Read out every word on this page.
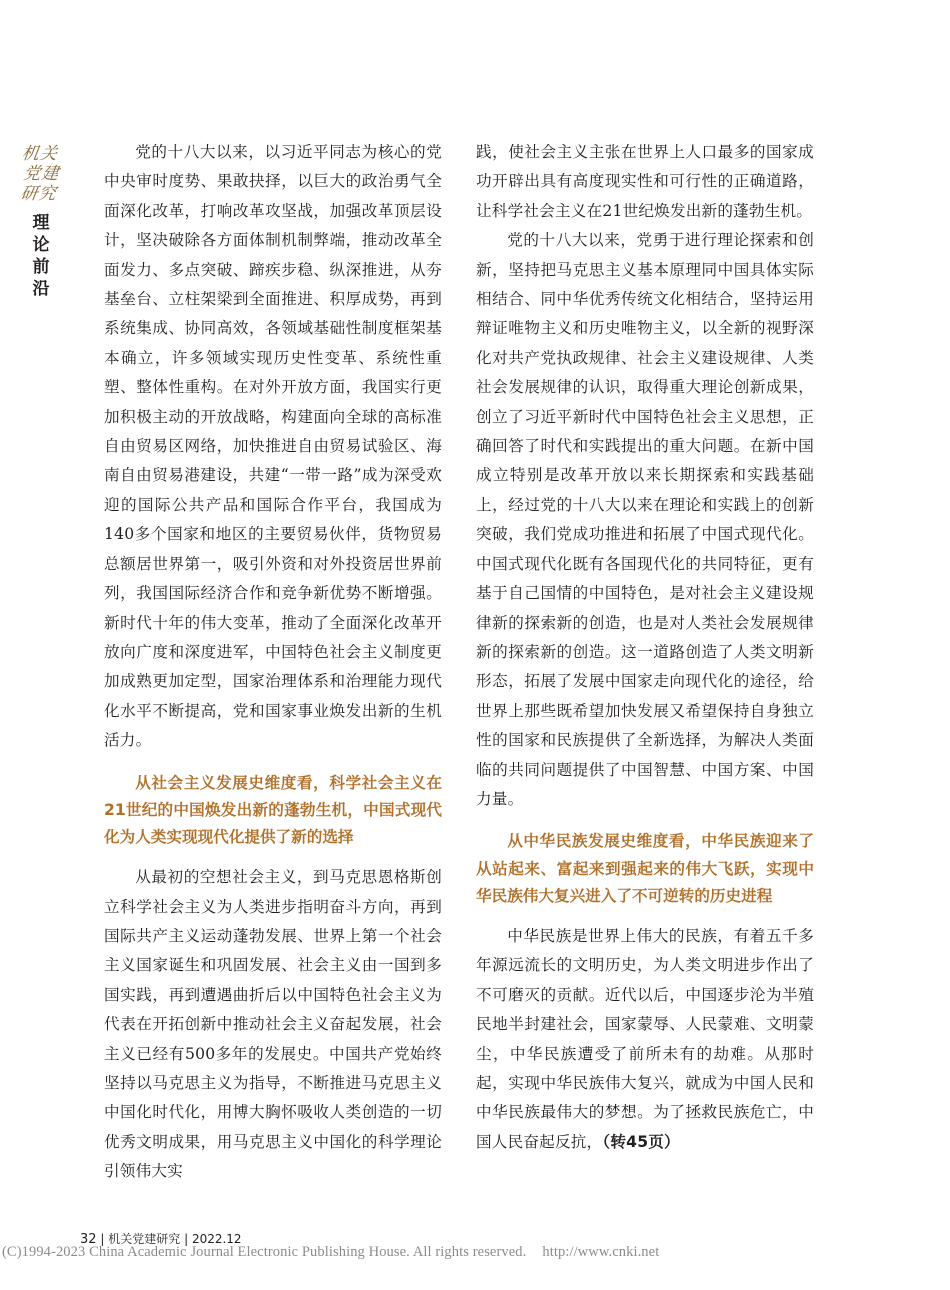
机关
党建研究
理
论
前
沿

党的十八大以来，以习近平同志为核心的党中央审时度势、果敢抉择，以巨大的政治勇气全面深化改革，打响改革攻坚战，加强改革顶层设计，坚决破除各方面体制机制弊端，推动改革全面发力、多点突破、蹄疾步稳、纵深推进，从夯基垒台、立柱架梁到全面推进、积厚成势，再到系统集成、协同高效，各领域基础性制度框架基本确立，许多领域实现历史性变革、系统性重塑、整体性重构。在对外开放方面，我国实行更加积极主动的开放战略，构建面向全球的高标准自由贸易区网络，加快推进自由贸易试验区、海南自由贸易港建设，共建“一带一路”成为深受欢迎的国际公共产品和国际合作平台，我国成为140多个国家和地区的主要贸易伙伴，货物贸易总额居世界第一，吸引外资和对外投资居世界前列，我国国际经济合作和竞争新优势不断增强。新时代十年的伟大变革，推动了全面深化改革开放向广度和深度进军，中国特色社会主义制度更加成熟更加定型，国家治理体系和治理能力现代化水平不断提高，党和国家事业焕发出新的生机活力。

从社会主义发展史维度看，科学社会主义在21世纪的中国焕发出新的蓬勃生机，中国式现代化为人类实现现代化提供了新的选择

从最初的空想社会主义，到马克思恩格斯创立科学社会主义为人类进步指明奋斗方向，再到国际共产主义运动蓬勃发展、世界上第一个社会主义国家诞生和巩固发展、社会主义由一国到多国实践，再到遭遇曲折后以中国特色社会主义为代表在开拓创新中推动社会主义奋起发展，社会主义已经有500多年的发展史。中国共产党始终坚持以马克思主义为指导，不断推进马克思主义中国化时代化，用博大胸怀吸收人类创造的一切优秀文明成果，用马克思主义中国化的科学理论引领伟大实

践，使社会主义主张在世界上人口最多的国家成功开辟出具有高度现实性和可行性的正确道路，让科学社会主义在21世纪焕发出新的蓬勃生机。

党的十八大以来，党勇于进行理论探索和创新，坚持把马克思主义基本原理同中国具体实际相结合、同中华优秀传统文化相结合，坚持运用辩证唯物主义和历史唯物主义，以全新的视野深化对共产党执政规律、社会主义建设规律、人类社会发展规律的认识，取得重大理论创新成果，创立了习近平新时代中国特色社会主义思想，正确回答了时代和实践提出的重大问题。在新中国成立特别是改革开放以来长期探索和实践基础上，经过党的十八大以来在理论和实践上的创新突破，我们党成功推进和拓展了中国式现代化。中国式现代化既有各国现代化的共同特征，更有基于自己国情的中国特色，是对社会主义建设规律新的探索新的创造，也是对人类社会发展规律新的探索新的创造。这一道路创造了人类文明新形态，拓展了发展中国家走向现代化的途径，给世界上那些既希望加快发展又希望保持自身独立性的国家和民族提供了全新选择，为解决人类面临的共同问题提供了中国智慧、中国方案、中国力量。

从中华民族发展史维度看，中华民族迎来了从站起来、富起来到强起来的伟大飞跃，实现中华民族伟大复兴进入了不可逆转的历史进程

中华民族是世界上伟大的民族，有着五千多年源远流长的文明历史，为人类文明进步作出了不可磨灭的贡献。近代以后，中国逐步沦为半殖民地半封建社会，国家蒙辱、人民蒙难、文明蒙尘，中华民族遭受了前所未有的劫难。从那时起，实现中华民族伟大复兴，就成为中国人民和中华民族最伟大的梦想。为了拯救民族危亡，中国人民奋起反抗，（转45页）

32 | 机关党建研究 | 2022.12
(C)1994-2023 China Academic Journal Electronic Publishing House. All rights reserved. http://www.cnki.net
